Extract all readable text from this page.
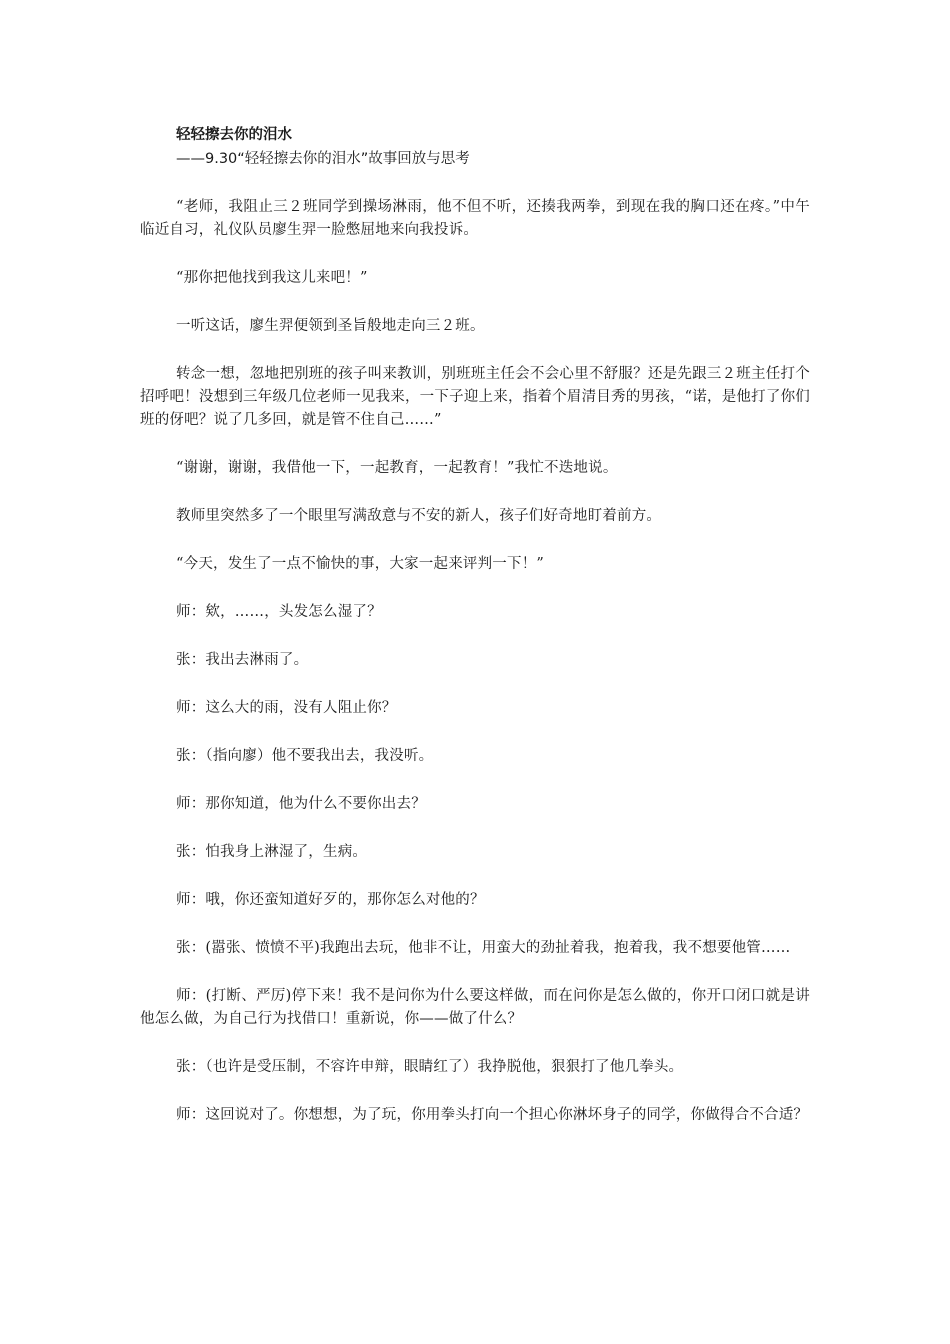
轻轻擦去你的泪水
——9.30“轻轻擦去你的泪水”故事回放与思考

“老师，我阻止三２班同学到操场淋雨，他不但不听，还揍我两拳，到现在我的胸口还在疼。”中午临近自习，礼仪队员廖生羿一脸憋屈地来向我投诉。

“那你把他找到我这儿来吧！”

一听这话，廖生羿便领到圣旨般地走向三２班。

转念一想，忽地把别班的孩子叫来教训，别班班主任会不会心里不舒服？还是先跟三２班主任打个招呼吧！没想到三年级几位老师一见我来，一下子迎上来，指着个眉清目秀的男孩，“诺，是他打了你们班的伢吧？说了几多回，就是管不住自己……”

“谢谢，谢谢，我借他一下，一起教育，一起教育！”我忙不迭地说。

教师里突然多了一个眼里写满敌意与不安的新人，孩子们好奇地盯着前方。

“今天，发生了一点不愉快的事，大家一起来评判一下！”

师：欸，……，头发怎么湿了？

张：我出去淋雨了。

师：这么大的雨，没有人阻止你？

张：（指向廖）他不要我出去，我没听。

师：那你知道，他为什么不要你出去？

张：怕我身上淋湿了，生病。

师：哦，你还蛮知道好歹的，那你怎么对他的？

张：(嚣张、愤愤不平)我跑出去玩，他非不让，用蛮大的劲扯着我，抱着我，我不想要他管……

师：(打断、严厉)停下来！我不是问你为什么要这样做，而在问你是怎么做的，你开口闭口就是讲他怎么做，为自己行为找借口！重新说，你——做了什么？

张：（也许是受压制，不容许申辩，眼睛红了）我挣脱他，狠狠打了他几拳头。

师：这回说对了。你想想，为了玩，你用拳头打向一个担心你淋坏身子的同学，你做得合不合适？
